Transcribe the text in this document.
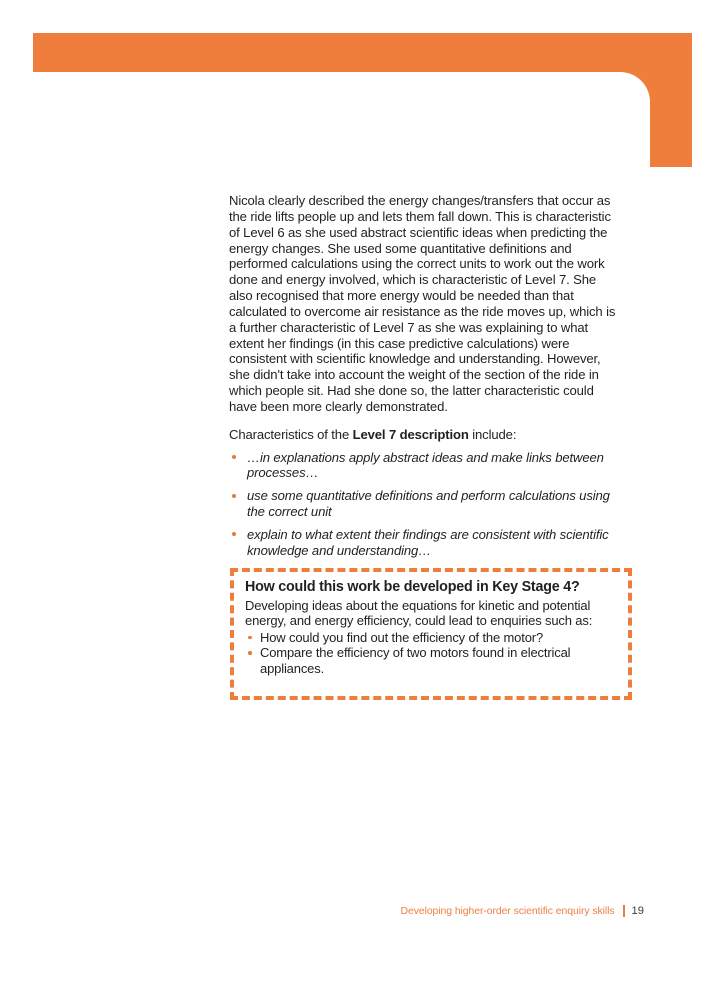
Nicola clearly described the energy changes/transfers that occur as the ride lifts people up and lets them fall down. This is characteristic of Level 6 as she used abstract scientific ideas when predicting the energy changes. She used some quantitative definitions and performed calculations using the correct units to work out the work done and energy involved, which is characteristic of Level 7. She also recognised that more energy would be needed than that calculated to overcome air resistance as the ride moves up, which is a further characteristic of Level 7 as she was explaining to what extent her findings (in this case predictive calculations) were consistent with scientific knowledge and understanding. However, she didn't take into account the weight of the section of the ride in which people sit. Had she done so, the latter characteristic could have been more clearly demonstrated.

Characteristics of the Level 7 description include:

…in explanations apply abstract ideas and make links between processes…
use some quantitative definitions and perform calculations using the correct unit
explain to what extent their findings are consistent with scientific knowledge and understanding…
How could this work be developed in Key Stage 4?

Developing ideas about the equations for kinetic and potential energy, and energy efficiency, could lead to enquiries such as:

How could you find out the efficiency of the motor?
Compare the efficiency of two motors found in electrical appliances.
Developing higher-order scientific enquiry skills 19
